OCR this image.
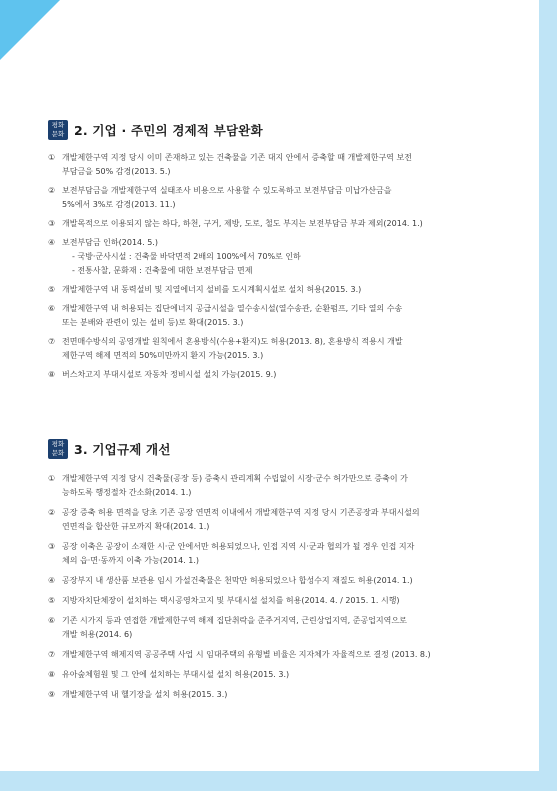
평화
문화 2. 기업 · 주민의 경제적 부담완화
① 개발제한구역 지정 당시 이미 존재하고 있는 건축물을 기존 대지 안에서 증축할 때 개발제한구역 보전
부담금을 50% 감경(2013. 5.)
② 보전부담금을 개발제한구역 실태조사 비용으로 사용할 수 있도록하고 보전부담금 미납가산금을
5%에서 3%로 감경(2013. 11.)
③ 개발목적으로 이용되지 않는 하다, 하천, 구거, 제방, 도로, 철도 부지는 보전부담금 부과 제외(2014. 1.)
④ 보전부담금 인하(2014. 5.)
- 국방·군사시설 : 건축물 바닥면적 2배의 100%에서 70%로 인하
- 전통사찰, 문화재 : 건축물에 대한 보전부담금 면제
⑤ 개발제한구역 내 동력설비 및 지열에너지 설비를 도시계획시설로 설치 허용(2015. 3.)
⑥ 개발제한구역 내 허용되는 집단에너지 공급시설을 열수송시설(열수송관, 순환펌프, 기타 열의 수송
또는 분배와 관련이 있는 설비 등)로 확대(2015. 3.)
⑦ 전면매수방식의 공영개발 원칙에서 혼용방식(수용+환지)도 허용(2013. 8), 혼용방식 적용시 개발
제한구역 해제 면적의 50%미만까지 환지 가능(2015. 3.)
⑧ 버스차고지 부대시설로 자동차 정비시설 설치 가능(2015. 9.)
평화
문화 3. 기업규제 개선
① 개발제한구역 지정 당시 건축물(공장 등) 증축시 관리계획 수립없이 시장·군수 허가만으로 증축이 가
능하도록 행정절차 간소화(2014. 1.)
② 공장 증축 허용 면적을 당초 기존 공장 연면적 이내에서 개발제한구역 지정 당시 기존공장과 부대시설의
연면적을 합산한 규모까지 확대(2014. 1.)
③ 공장 이축은 공장이 소재한 시·군 안에서만 허용되었으나, 인접 지역 시·군과 협의가 될 경우 인접 지자
체의 읍·면·동까지 이축 가능(2014. 1.)
④ 공장부지 내 생산품 보관용 임시 가설건축물은 천막만 허용되었으나 합성수지 재질도 허용(2014. 1.)
⑤ 지방자치단체장이 설치하는 택시공영차고지 및 부대시설 설치를 허용(2014. 4. / 2015. 1. 시행)
⑥ 기존 시가지 등과 연접한 개발제한구역 해제 집단취락을 준주거지역, 근린상업지역, 준공업지역으로
개발 허용(2014. 6)
⑦ 개발제한구역 해제지역 공공주택 사업 시 임대주택의 유형별 비율은 지자체가 자율적으로 결정 (2013. 8.)
⑧ 유아숲체험원 및 그 안에 설치하는 부대시설 설치 허용(2015. 3.)
⑨ 개발제한구역 내 헬기장을 설치 허용(2015. 3.)
